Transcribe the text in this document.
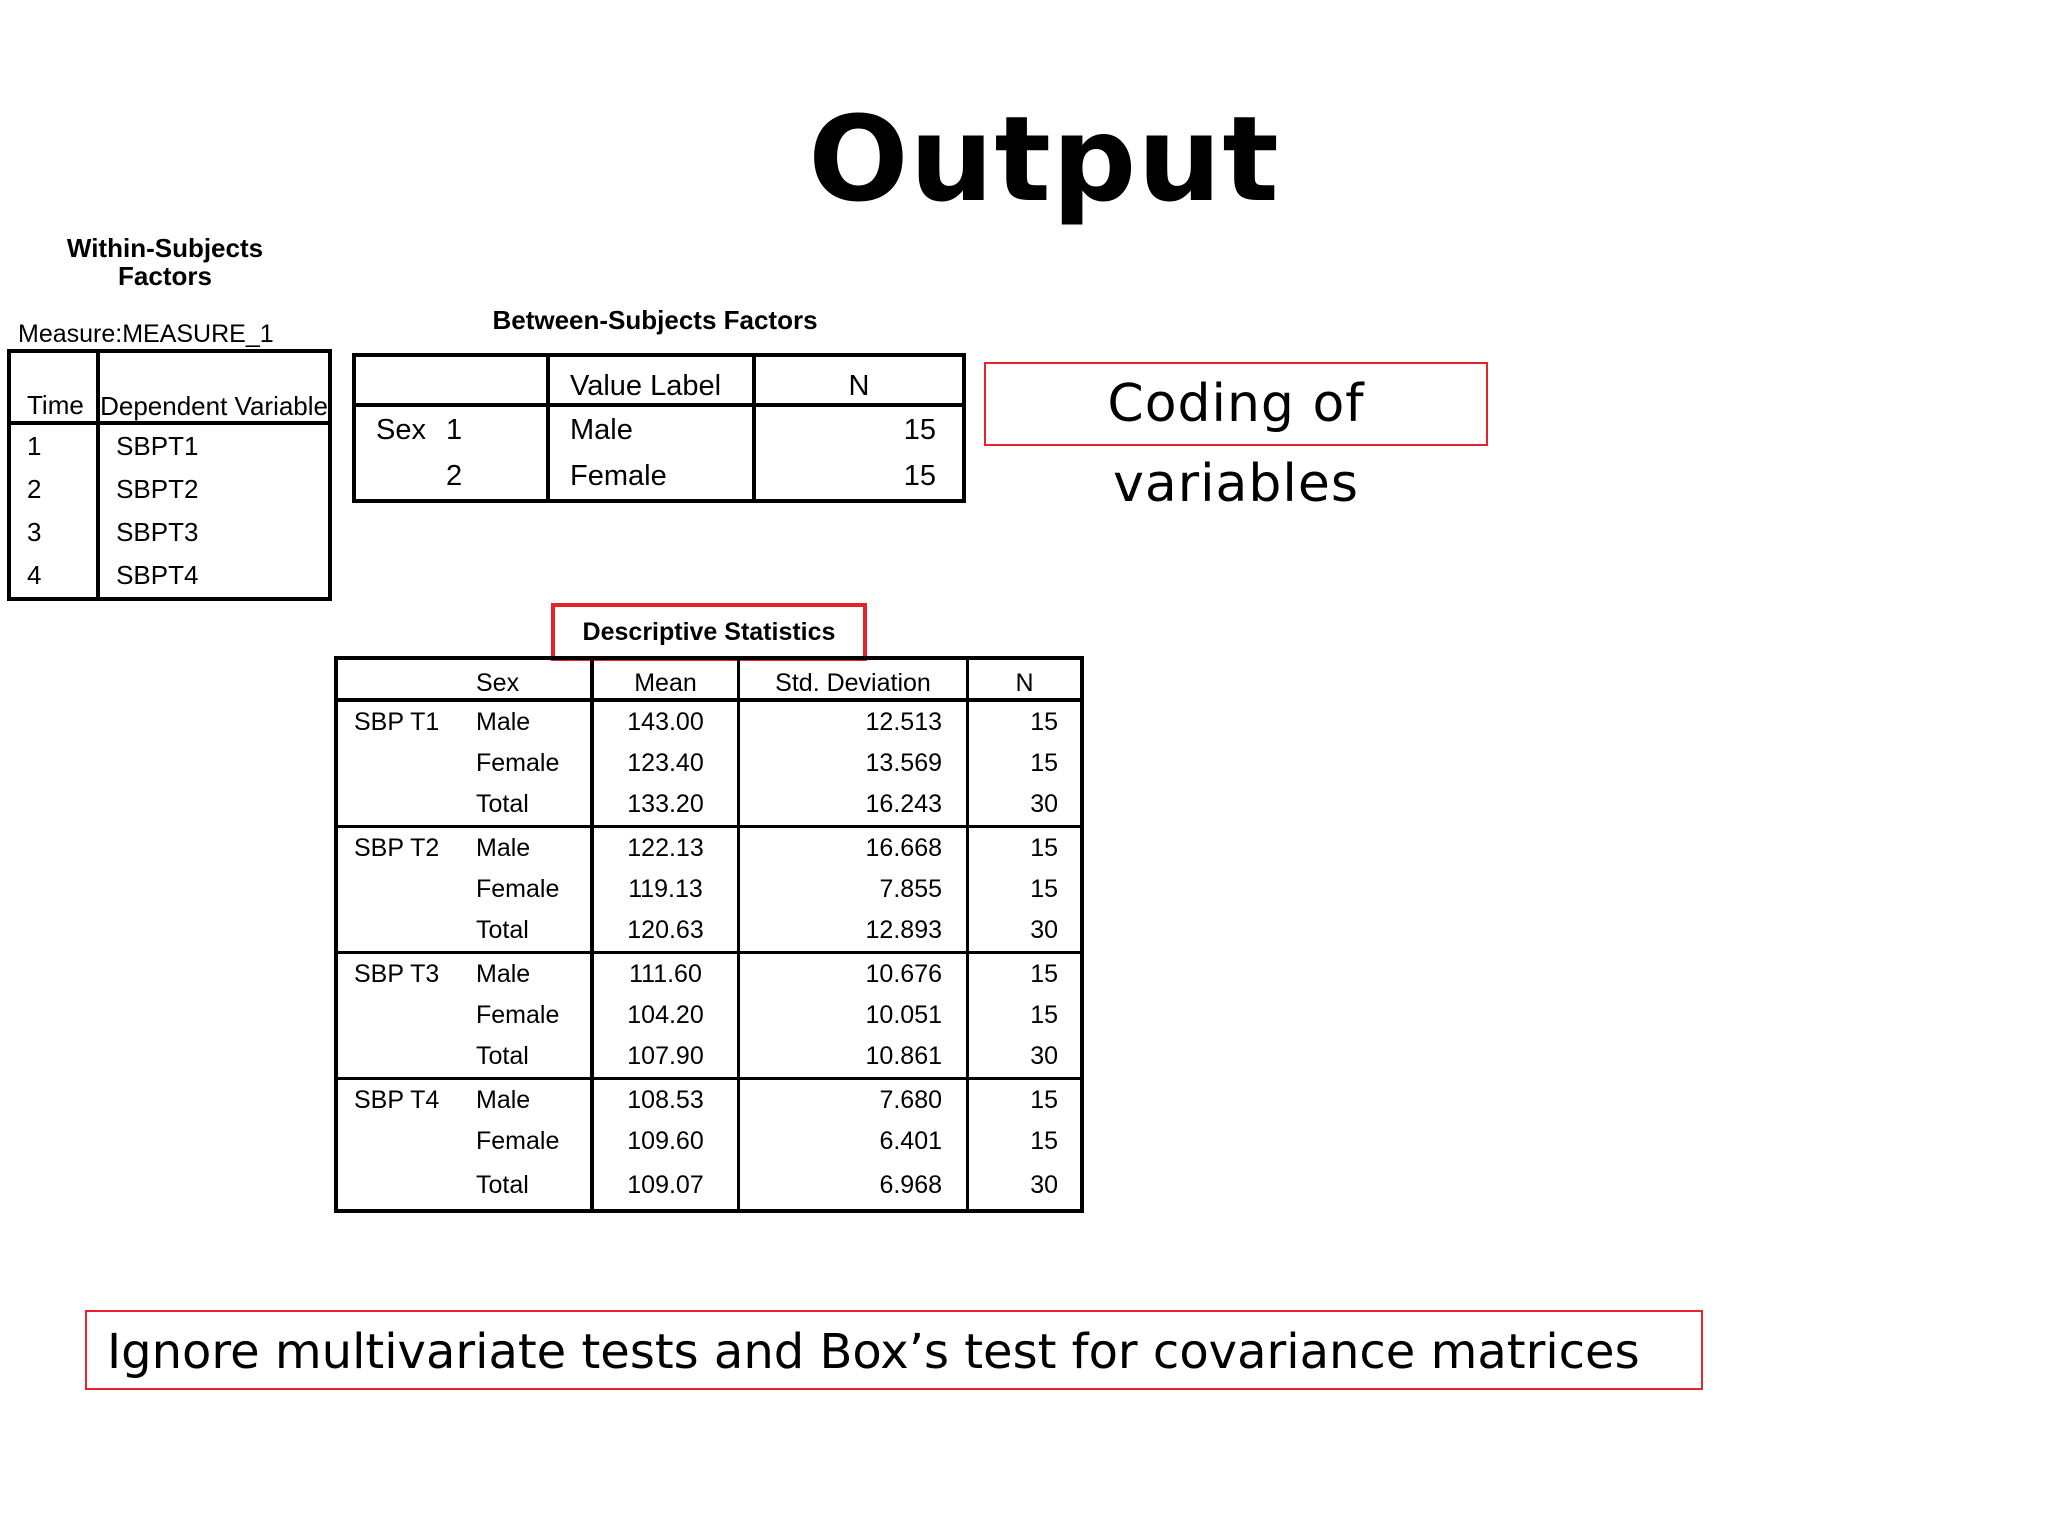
Output
Within-Subjects Factors
Measure:MEASURE_1
Time	Dependent Variable
1	SBPT1
2	SBPT2
3	SBPT3
4	SBPT4
Between-Subjects Factors
		Value Label	N
Sex	1	Male	15
	2	Female	15
Coding of variables
Descriptive Statistics
	Sex	Mean	Std. Deviation	N
SBP T1	Male	143.00	12.513	15
	Female	123.40	13.569	15
	Total	133.20	16.243	30
SBP T2	Male	122.13	16.668	15
	Female	119.13	7.855	15
	Total	120.63	12.893	30
SBP T3	Male	111.60	10.676	15
	Female	104.20	10.051	15
	Total	107.90	10.861	30
SBP T4	Male	108.53	7.680	15
	Female	109.60	6.401	15
	Total	109.07	6.968	30
Ignore multivariate tests and Box’s test for covariance matrices
